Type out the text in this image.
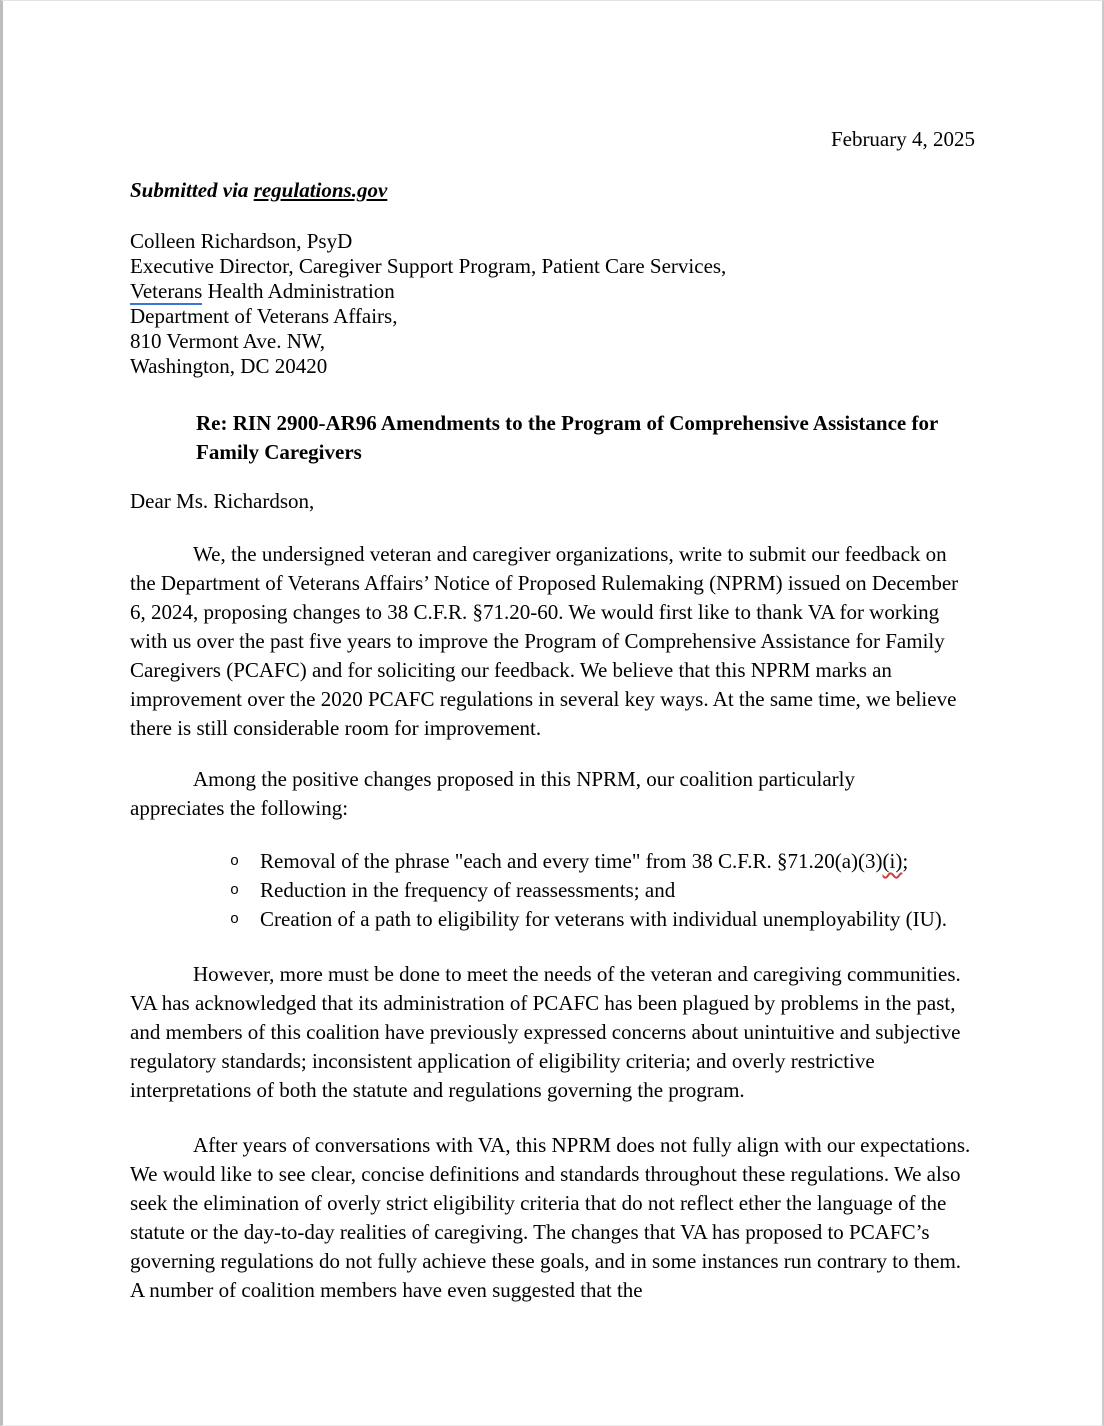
February 4, 2025
Submitted via regulations.gov
Colleen Richardson, PsyD
Executive Director, Caregiver Support Program, Patient Care Services,
Veterans Health Administration
Department of Veterans Affairs,
810 Vermont Ave. NW,
Washington, DC 20420
Re: RIN 2900-AR96 Amendments to the Program of Comprehensive Assistance for Family Caregivers
Dear Ms. Richardson,

We, the undersigned veteran and caregiver organizations, write to submit our feedback on the Department of Veterans Affairs’ Notice of Proposed Rulemaking (NPRM) issued on December 6, 2024, proposing changes to 38 C.F.R. §71.20-60. We would first like to thank VA for working with us over the past five years to improve the Program of Comprehensive Assistance for Family Caregivers (PCAFC) and for soliciting our feedback. We believe that this NPRM marks an improvement over the 2020 PCAFC regulations in several key ways. At the same time, we believe there is still considerable room for improvement.

Among the positive changes proposed in this NPRM, our coalition particularly appreciates the following:

o Removal of the phrase "each and every time" from 38 C.F.R. §71.20(a)(3)(i);
o Reduction in the frequency of reassessments; and
o Creation of a path to eligibility for veterans with individual unemployability (IU).

However, more must be done to meet the needs of the veteran and caregiving communities. VA has acknowledged that its administration of PCAFC has been plagued by problems in the past, and members of this coalition have previously expressed concerns about unintuitive and subjective regulatory standards; inconsistent application of eligibility criteria; and overly restrictive interpretations of both the statute and regulations governing the program.

After years of conversations with VA, this NPRM does not fully align with our expectations. We would like to see clear, concise definitions and standards throughout these regulations. We also seek the elimination of overly strict eligibility criteria that do not reflect ether the language of the statute or the day-to-day realities of caregiving. The changes that VA has proposed to PCAFC’s governing regulations do not fully achieve these goals, and in some instances run contrary to them. A number of coalition members have even suggested that the
